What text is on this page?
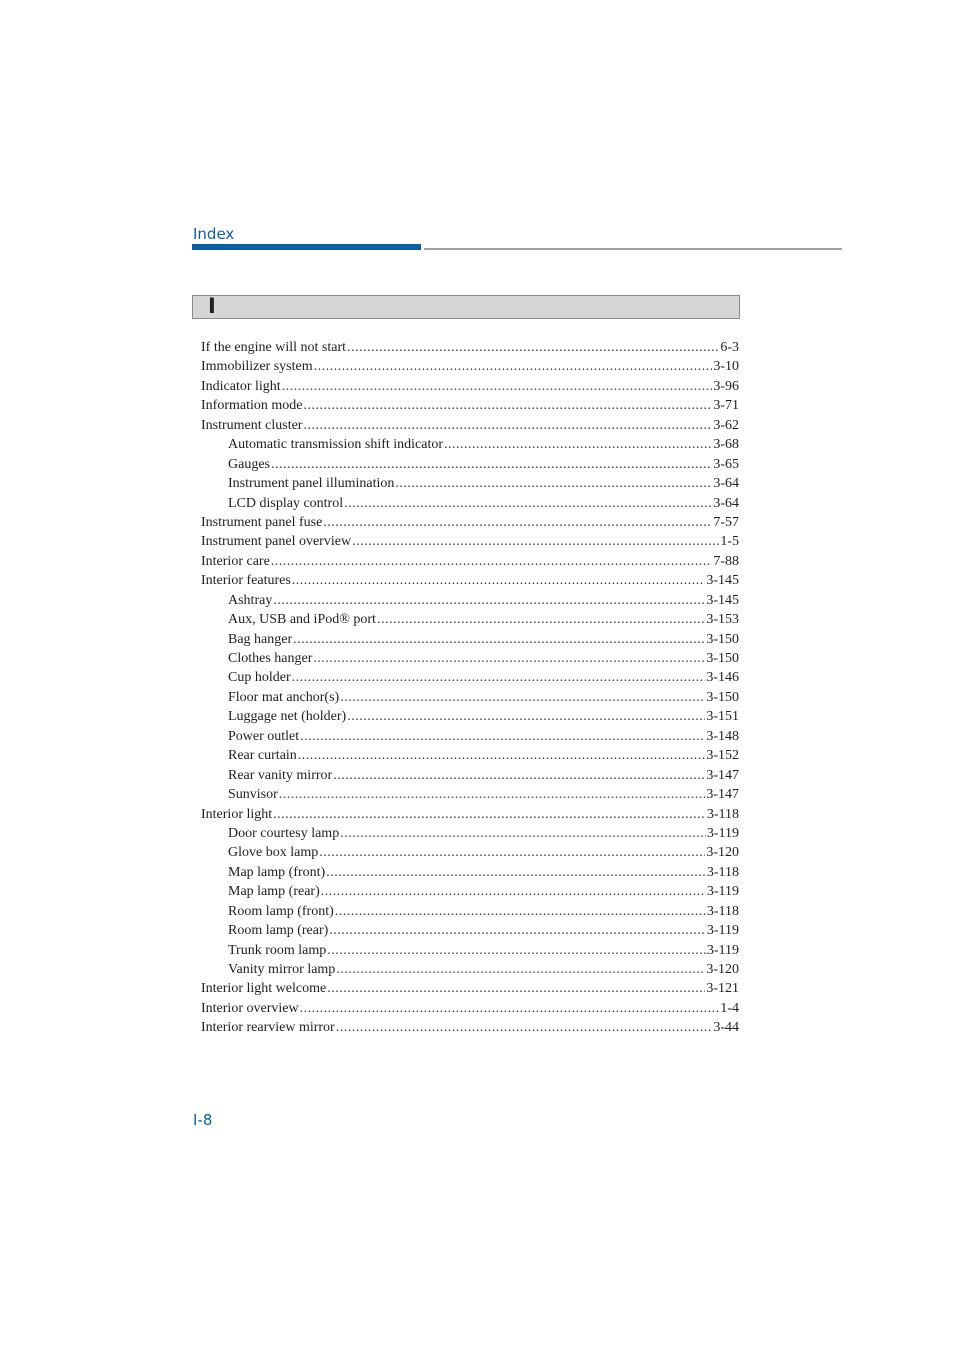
Index
I
If the engine will not start .....	6-3
Immobilizer system .....	3-10
Indicator light .....	3-96
Information mode .....	3-71
Instrument cluster .....	3-62
Automatic transmission shift indicator .....	3-68
Gauges .....	3-65
Instrument panel illumination .....	3-64
LCD display control .....	3-64
Instrument panel fuse .....	7-57
Instrument panel overview .....	1-5
Interior care .....	7-88
Interior features .....	3-145
Ashtray .....	3-145
Aux, USB and iPod® port .....	3-153
Bag hanger .....	3-150
Clothes hanger .....	3-150
Cup holder .....	3-146
Floor mat anchor(s) .....	3-150
Luggage net (holder) .....	3-151
Power outlet .....	3-148
Rear curtain .....	3-152
Rear vanity mirror .....	3-147
Sunvisor .....	3-147
Interior light .....	3-118
Door courtesy lamp .....	3-119
Glove box lamp .....	3-120
Map lamp (front) .....	3-118
Map lamp (rear) .....	3-119
Room lamp (front) .....	3-118
Room lamp (rear) .....	3-119
Trunk room lamp .....	3-119
Vanity mirror lamp .....	3-120
Interior light welcome .....	3-121
Interior overview .....	1-4
Interior rearview mirror .....	3-44
I-8
